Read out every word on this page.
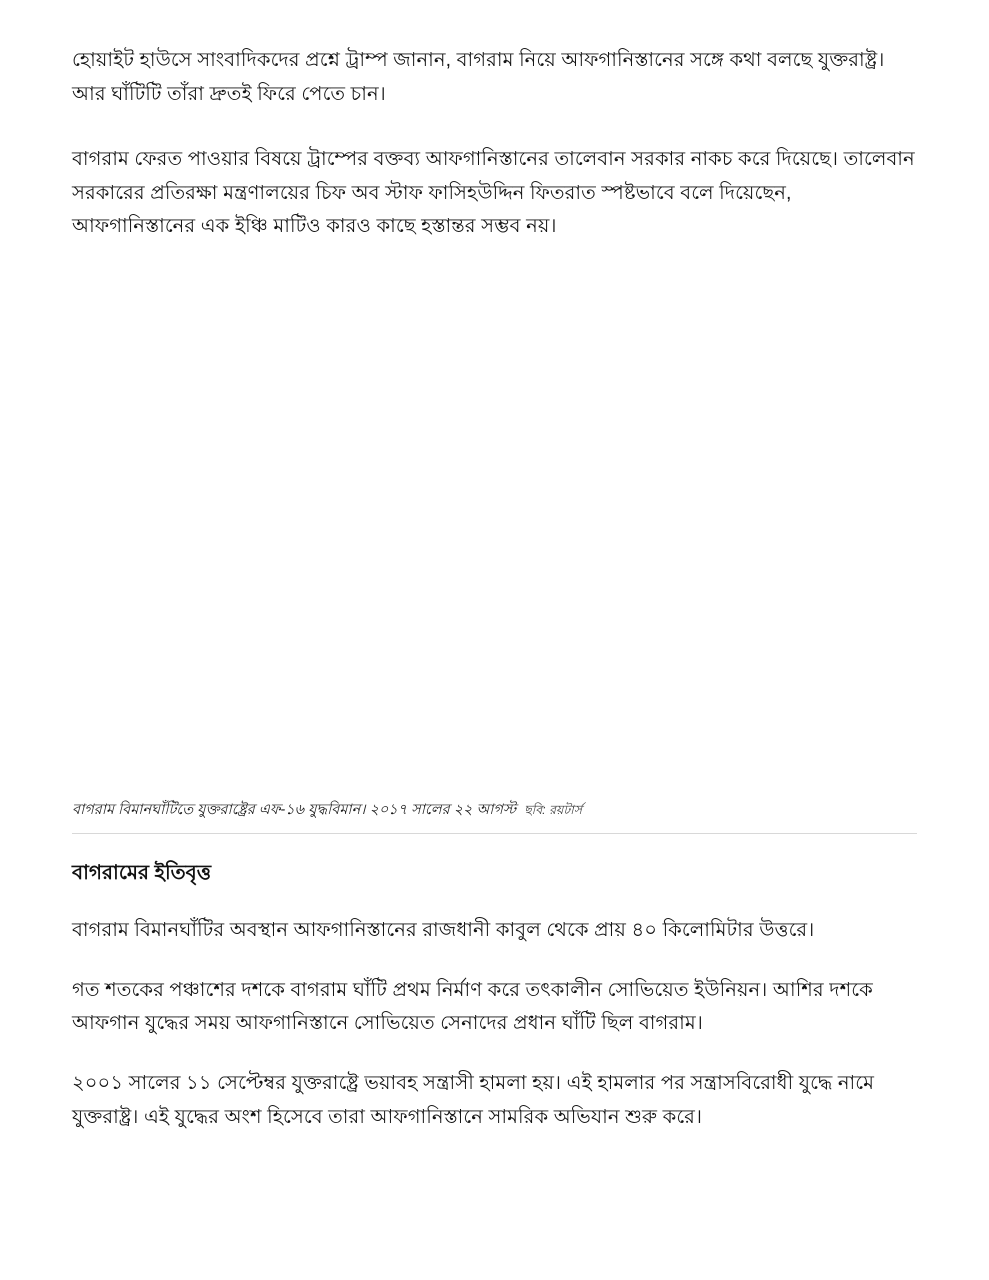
হোয়াইট হাউসে সাংবাদিকদের প্রশ্নে ট্রাম্প জানান, বাগরাম নিয়ে আফগানিস্তানের সঙ্গে কথা বলছে যুক্তরাষ্ট্র। আর ঘাঁটিটি তাঁরা দ্রুতই ফিরে পেতে চান।

বাগরাম ফেরত পাওয়ার বিষয়ে ট্রাম্পের বক্তব্য আফগানিস্তানের তালেবান সরকার নাকচ করে দিয়েছে। তালেবান সরকারের প্রতিরক্ষা মন্ত্রণালয়ের চিফ অব স্টাফ ফাসিহউদ্দিন ফিতরাত স্পষ্টভাবে বলে দিয়েছেন, আফগানিস্তানের এক ইঞ্চি মাটিও কারও কাছে হস্তান্তর সম্ভব নয়।

বাগরাম বিমানঘাঁটিতে যুক্তরাষ্ট্রের এফ-১৬ যুদ্ধবিমান। ২০১৭ সালের ২২ আগস্ট ছবি: রয়টার্স

বাগরামের ইতিবৃত্ত

বাগরাম বিমানঘাঁটির অবস্থান আফগানিস্তানের রাজধানী কাবুল থেকে প্রায় ৪০ কিলোমিটার উত্তরে।

গত শতকের পঞ্চাশের দশকে বাগরাম ঘাঁটি প্রথম নির্মাণ করে তৎকালীন সোভিয়েত ইউনিয়ন। আশির দশকে আফগান যুদ্ধের সময় আফগানিস্তানে সোভিয়েত সেনাদের প্রধান ঘাঁটি ছিল বাগরাম।

২০০১ সালের ১১ সেপ্টেম্বর যুক্তরাষ্ট্রে ভয়াবহ সন্ত্রাসী হামলা হয়। এই হামলার পর সন্ত্রাসবিরোধী যুদ্ধে নামে যুক্তরাষ্ট্র। এই যুদ্ধের অংশ হিসেবে তারা আফগানিস্তানে সামরিক অভিযান শুরু করে।
